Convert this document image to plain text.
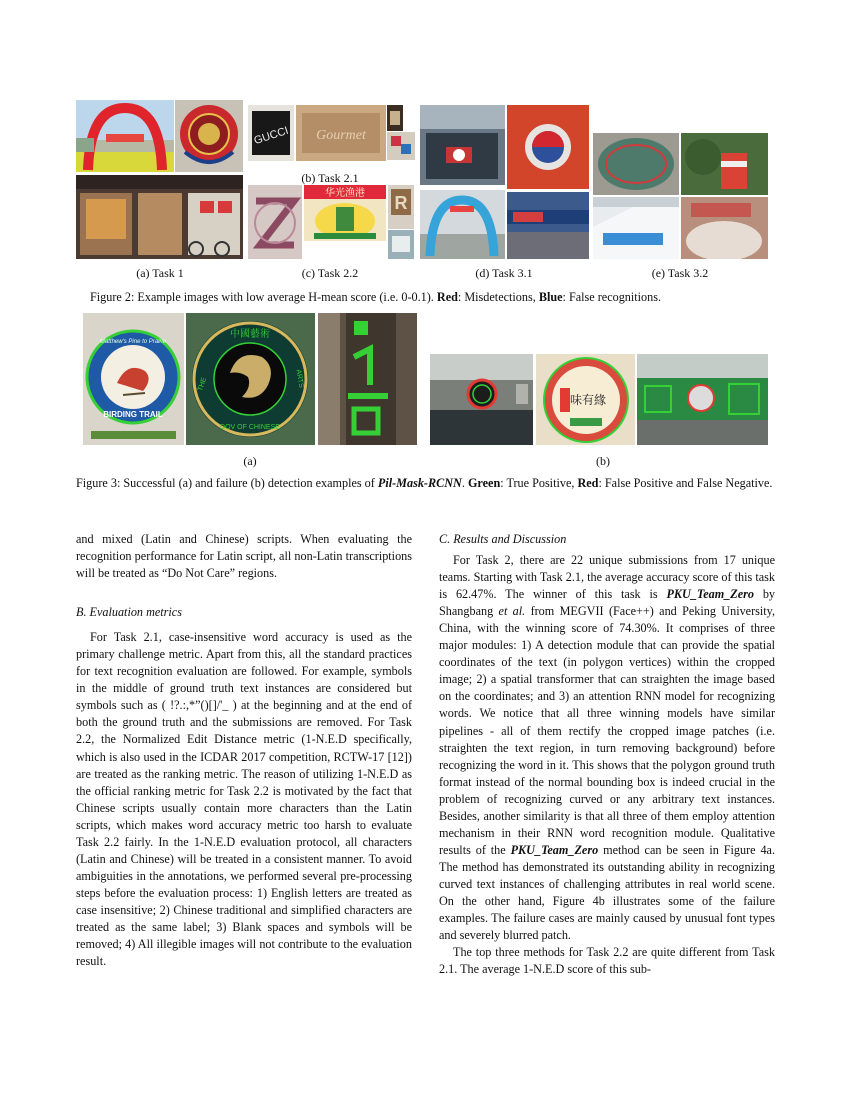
(a) Task 1
GUCCI Gourmet
(b) Task 2.1
华光渔港 R
(c) Task 2.2	(d) Task 3.1	(e) Task 3.2
Figure 2: Example images with low average H-mean score (i.e. 0-0.1). Red: Misdetections, Blue: False recognitions.
Matthew's Pine to Prairie
BIRDING TRAIL
中國藝術
THE
DOV OF CHINESE
ARTS
(a)
味有緣
(b)
Figure 3: Successful (a) and failure (b) detection examples of Pil-Mask-RCNN. Green: True Positive, Red: False Positive and False Negative.

and mixed (Latin and Chinese) scripts. When evaluating the recognition performance for Latin script, all non-Latin transcriptions will be treated as “Do Not Care” regions.

B. Evaluation metrics

For Task 2.1, case-insensitive word accuracy is used as the primary challenge metric. Apart from this, all the standard practices for text recognition evaluation are followed. For example, symbols in the middle of ground truth text instances are considered but symbols such as ( !?.:,*”()[]/'_ ) at the beginning and at the end of both the ground truth and the submissions are removed. For Task 2.2, the Normalized Edit Distance metric (1-N.E.D specifically, which is also used in the ICDAR 2017 competition, RCTW-17 [12]) are treated as the ranking metric. The reason of utilizing 1-N.E.D as the official ranking metric for Task 2.2 is motivated by the fact that Chinese scripts usually contain more characters than the Latin scripts, which makes word accuracy metric too harsh to evaluate Task 2.2 fairly. In the 1-N.E.D evaluation protocol, all characters (Latin and Chinese) will be treated in a consistent manner. To avoid ambiguities in the annotations, we performed several pre-processing steps before the evaluation process: 1) English letters are treated as case insensitive; 2) Chinese traditional and simplified characters are treated as the same label; 3) Blank spaces and symbols will be removed; 4) All illegible images will not contribute to the evaluation result.

C. Results and Discussion

For Task 2, there are 22 unique submissions from 17 unique teams. Starting with Task 2.1, the average accuracy score of this task is 62.47%. The winner of this task is PKU_Team_Zero by Shangbang et al. from MEGVII (Face++) and Peking University, China, with the winning score of 74.30%. It comprises of three major modules: 1) A detection module that can provide the spatial coordinates of the text (in polygon vertices) within the cropped image; 2) a spatial transformer that can straighten the image based on the coordinates; and 3) an attention RNN model for recognizing words. We notice that all three winning models have similar pipelines - all of them rectify the cropped image patches (i.e. straighten the text region, in turn removing background) before recognizing the word in it. This shows that the polygon ground truth format instead of the normal bounding box is indeed crucial in the problem of recognizing curved or any arbitrary text instances. Besides, another similarity is that all three of them employ attention mechanism in their RNN word recognition module. Qualitative results of the PKU_Team_Zero method can be seen in Figure 4a. The method has demonstrated its outstanding ability in recognizing curved text instances of challenging attributes in real world scene. On the other hand, Figure 4b illustrates some of the failure examples. The failure cases are mainly caused by unusual font types and severely blurred patch.

The top three methods for Task 2.2 are quite different from Task 2.1. The average 1-N.E.D score of this sub-
